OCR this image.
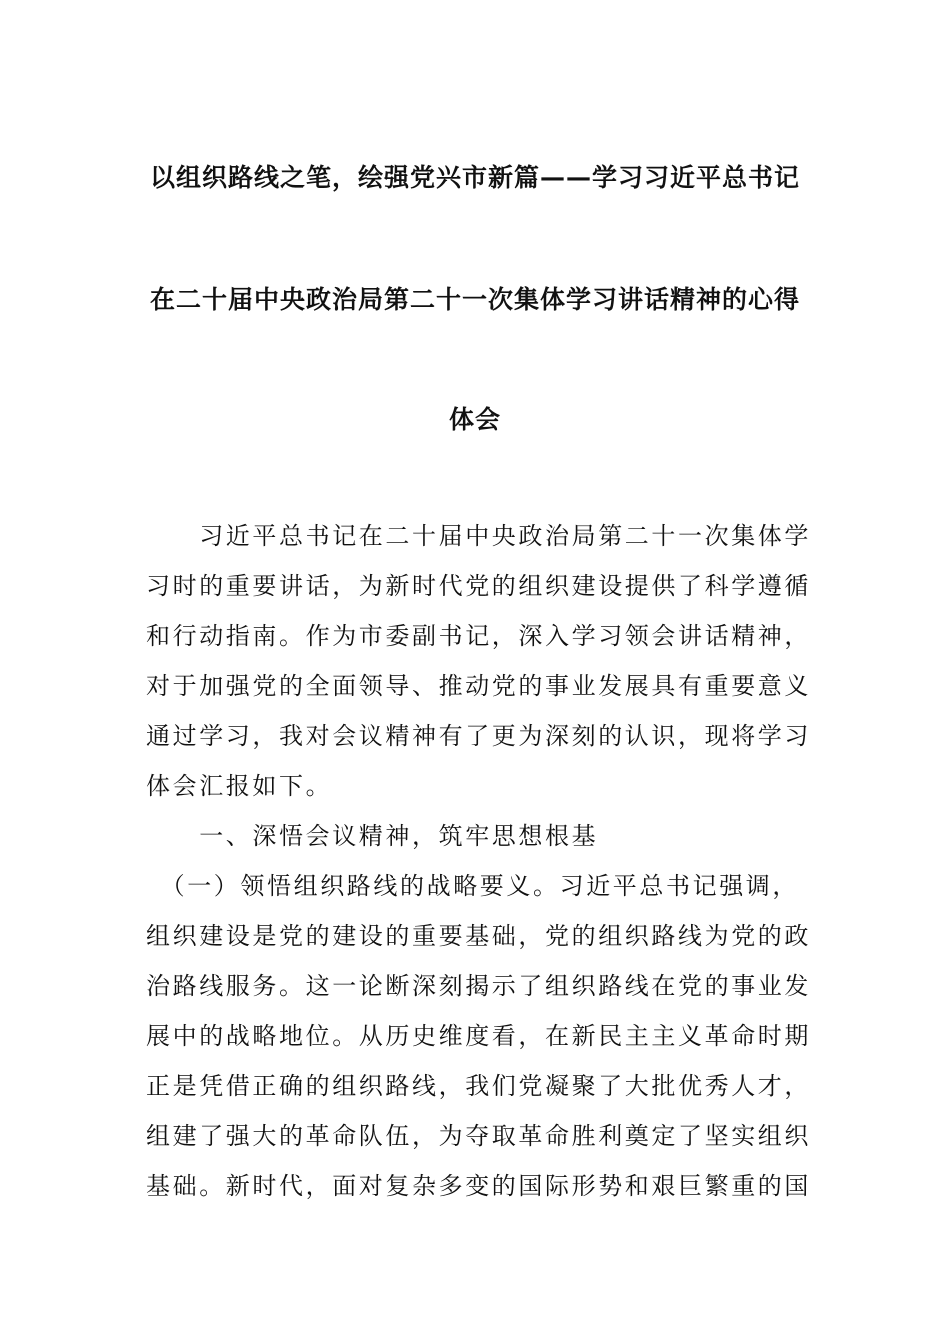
以组织路线之笔，绘强党兴市新篇——学习习近平总书记
在二十届中央政治局第二十一次集体学习讲话精神的心得
体会
　　习近平总书记在二十届中央政治局第二十一次集体学
习时的重要讲话，为新时代党的组织建设提供了科学遵循
和行动指南。作为市委副书记，深入学习领会讲话精神，
对于加强党的全面领导、推动党的事业发展具有重要意义
通过学习，我对会议精神有了更为深刻的认识，现将学习
体会汇报如下。
　　一、深悟会议精神，筑牢思想根基
　（一）领悟组织路线的战略要义。习近平总书记强调，
组织建设是党的建设的重要基础，党的组织路线为党的政
治路线服务。这一论断深刻揭示了组织路线在党的事业发
展中的战略地位。从历史维度看，在新民主主义革命时期
正是凭借正确的组织路线，我们党凝聚了大批优秀人才，
组建了强大的革命队伍，为夺取革命胜利奠定了坚实组织
基础。新时代，面对复杂多变的国际形势和艰巨繁重的国
